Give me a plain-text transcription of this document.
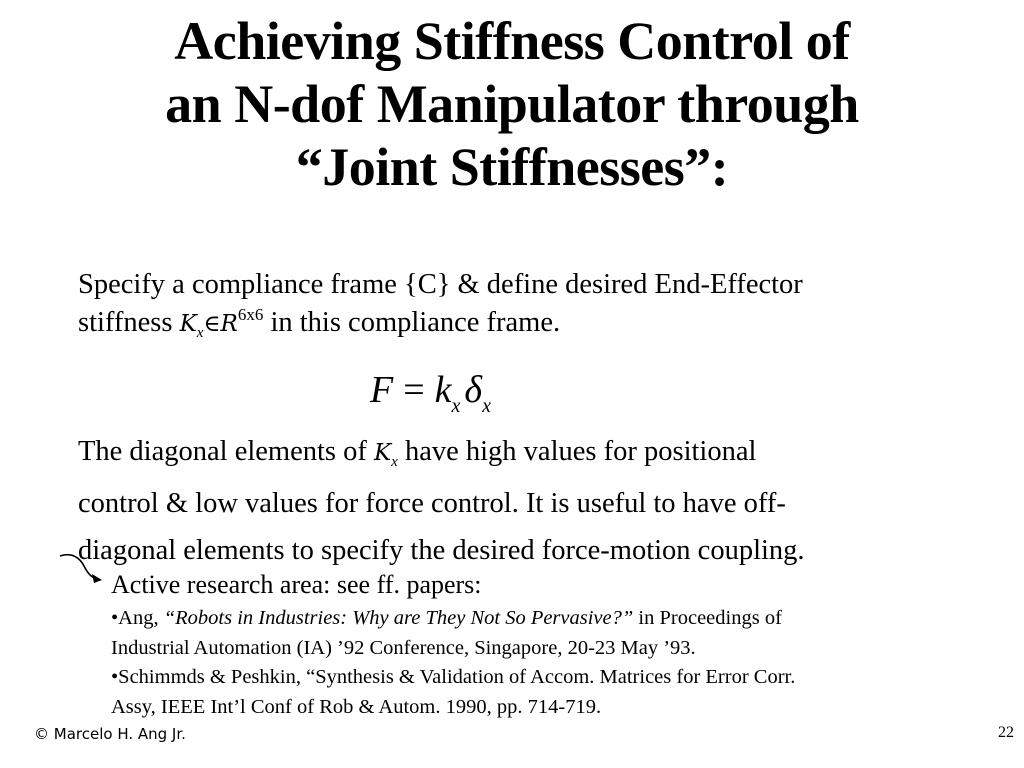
Achieving Stiffness Control of
an N-dof Manipulator through
“Joint Stiffnesses”:
Specify a compliance frame {C} & define desired End-Effector
stiffness $K_x\in R^{6x6}$ in this compliance frame.
$F = k_x$ $\delta_x$
The diagonal elements of $K_x$ have high values for positional
control & low values for force control. It is useful to have off-
diagonal elements to specify the desired force-motion coupling.
Active research area: see ff. papers:
•Ang, “Robots in Industries: Why are They Not So Pervasive?” in Proceedings of
Industrial Automation (IA) ’92 Conference, Singapore, 20-23 May ’93.
•Schimmds & Peshkin, “Synthesis & Validation of Accom. Matrices for Error Corr.
Assy, IEEE Int’l Conf of Rob & Autom. 1990, pp. 714-719.
© Marcelo H. Ang Jr.	22
